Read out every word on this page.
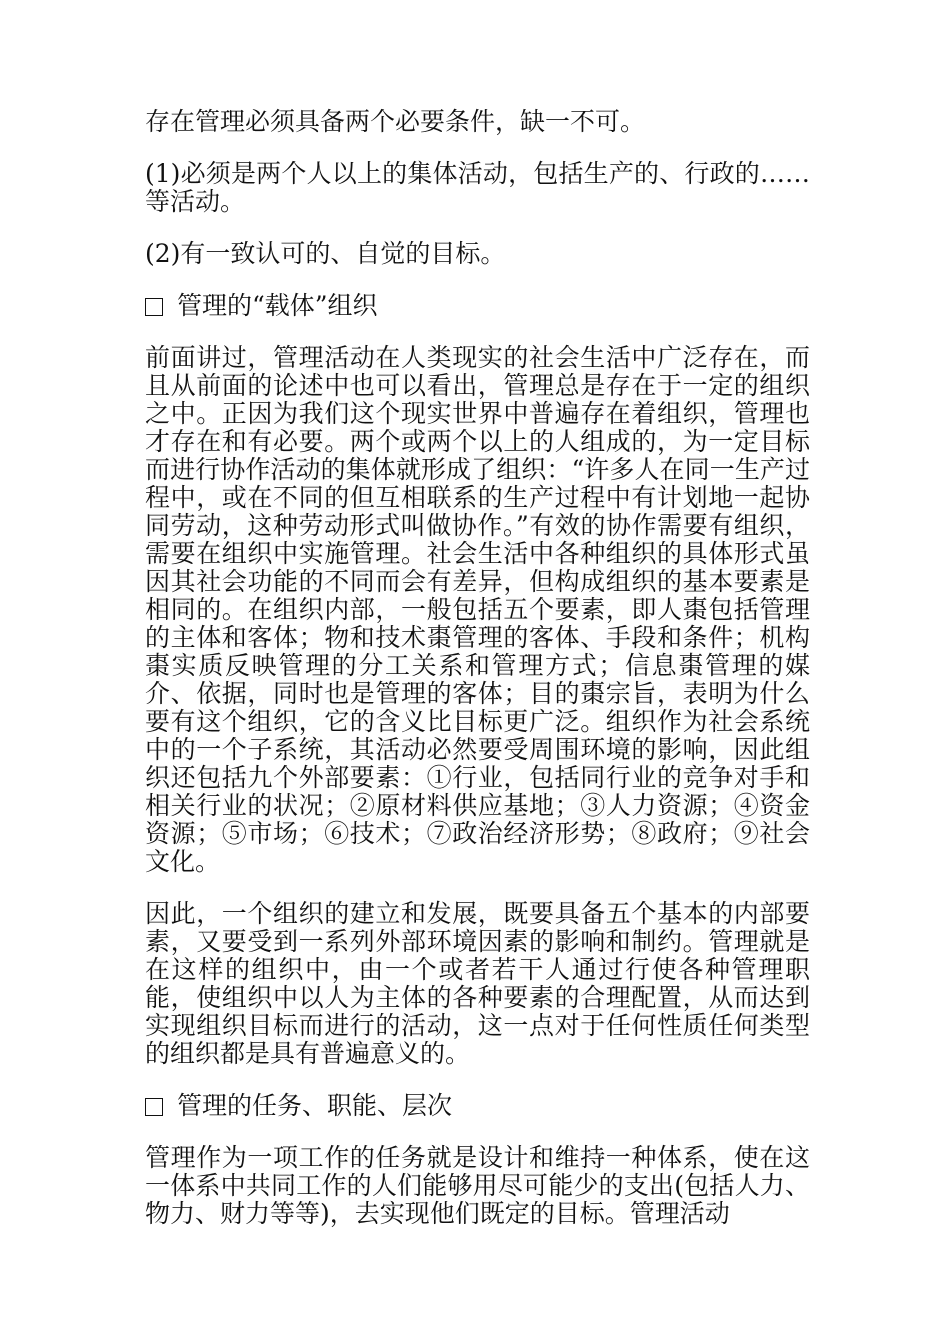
存在管理必须具备两个必要条件，缺一不可。

(1)必须是两个人以上的集体活动，包括生产的、行政的……等活动。

(2)有一致认可的、自觉的目标。

管理的“载体”组织

前面讲过，管理活动在人类现实的社会生活中广泛存在，而且从前面的论述中也可以看出，管理总是存在于一定的组织之中。正因为我们这个现实世界中普遍存在着组织，管理也才存在和有必要。两个或两个以上的人组成的，为一定目标而进行协作活动的集体就形成了组织：“许多人在同一生产过程中，或在不同的但互相联系的生产过程中有计划地一起协同劳动，这种劳动形式叫做协作。”有效的协作需要有组织，需要在组织中实施管理。社会生活中各种组织的具体形式虽因其社会功能的不同而会有差异，但构成组织的基本要素是相同的。在组织内部，一般包括五个要素，即人棗包括管理的主体和客体；物和技术棗管理的客体、手段和条件；机构棗实质反映管理的分工关系和管理方式；信息棗管理的媒介、依据，同时也是管理的客体；目的棗宗旨，表明为什么要有这个组织，它的含义比目标更广泛。组织作为社会系统中的一个子系统，其活动必然要受周围环境的影响，因此组织还包括九个外部要素：①行业，包括同行业的竞争对手和相关行业的状况；②原材料供应基地；③人力资源；④资金资源；⑤市场；⑥技术；⑦政治经济形势；⑧政府；⑨社会文化。

因此，一个组织的建立和发展，既要具备五个基本的内部要素，又要受到一系列外部环境因素的影响和制约。管理就是在这样的组织中，由一个或者若干人通过行使各种管理职能，使组织中以人为主体的各种要素的合理配置，从而达到实现组织目标而进行的活动，这一点对于任何性质任何类型的组织都是具有普遍意义的。

管理的任务、职能、层次

管理作为一项工作的任务就是设计和维持一种体系，使在这一体系中共同工作的人们能够用尽可能少的支出(包括人力、物力、财力等等)，去实现他们既定的目标。管理活动
